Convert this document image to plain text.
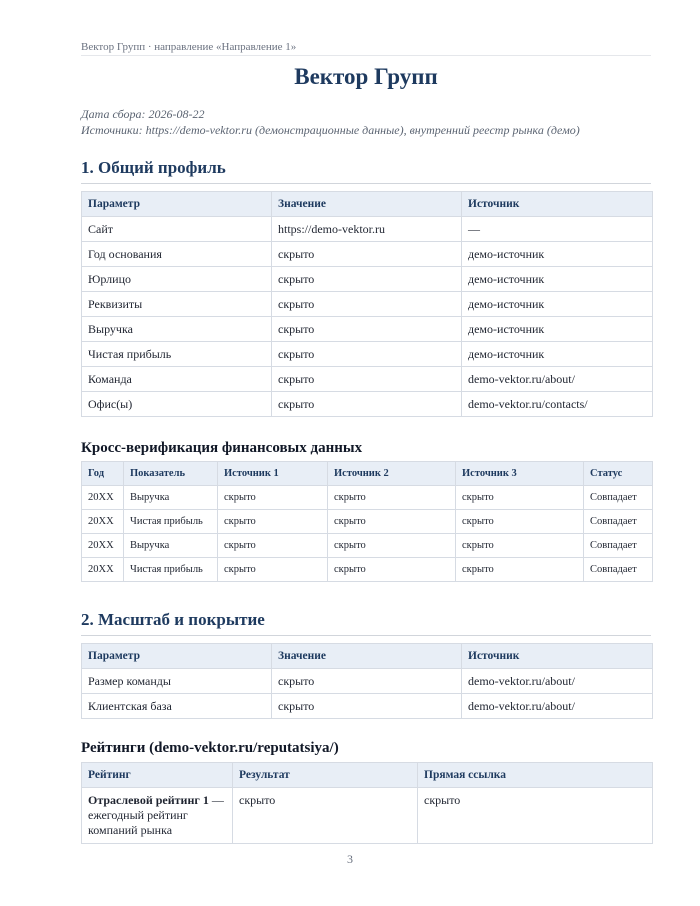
Вектор Групп · направление «Направление 1»
Вектор Групп
Дата сбора: 2026-08-22
Источники: https://demo-vektor.ru (демонстрационные данные), внутренний реестр рынка (демо)
1. Общий профиль
Параметр	Значение	Источник
Сайт	https://demo-vektor.ru	—
Год основания	скрыто	демо-источник
Юрлицо	скрыто	демо-источник
Реквизиты	скрыто	демо-источник
Выручка	скрыто	демо-источник
Чистая прибыль	скрыто	демо-источник
Команда	скрыто	demo-vektor.ru/about/
Офис(ы)	скрыто	demo-vektor.ru/contacts/
Кросс-верификация финансовых данных
Год	Показатель	Источник 1	Источник 2	Источник 3	Статус
20XX	Выручка	скрыто	скрыто	скрыто	Совпадает
20XX	Чистая прибыль	скрыто	скрыто	скрыто	Совпадает
20XX	Выручка	скрыто	скрыто	скрыто	Совпадает
20XX	Чистая прибыль	скрыто	скрыто	скрыто	Совпадает
2. Масштаб и покрытие
Параметр	Значение	Источник
Размер команды	скрыто	demo-vektor.ru/about/
Клиентская база	скрыто	demo-vektor.ru/about/
Рейтинги (demo-vektor.ru/reputatsiya/)
Рейтинг	Результат	Прямая ссылка
Отраслевой рейтинг 1 — ежегодный рейтинг компаний рынка	скрыто	скрыто
3
